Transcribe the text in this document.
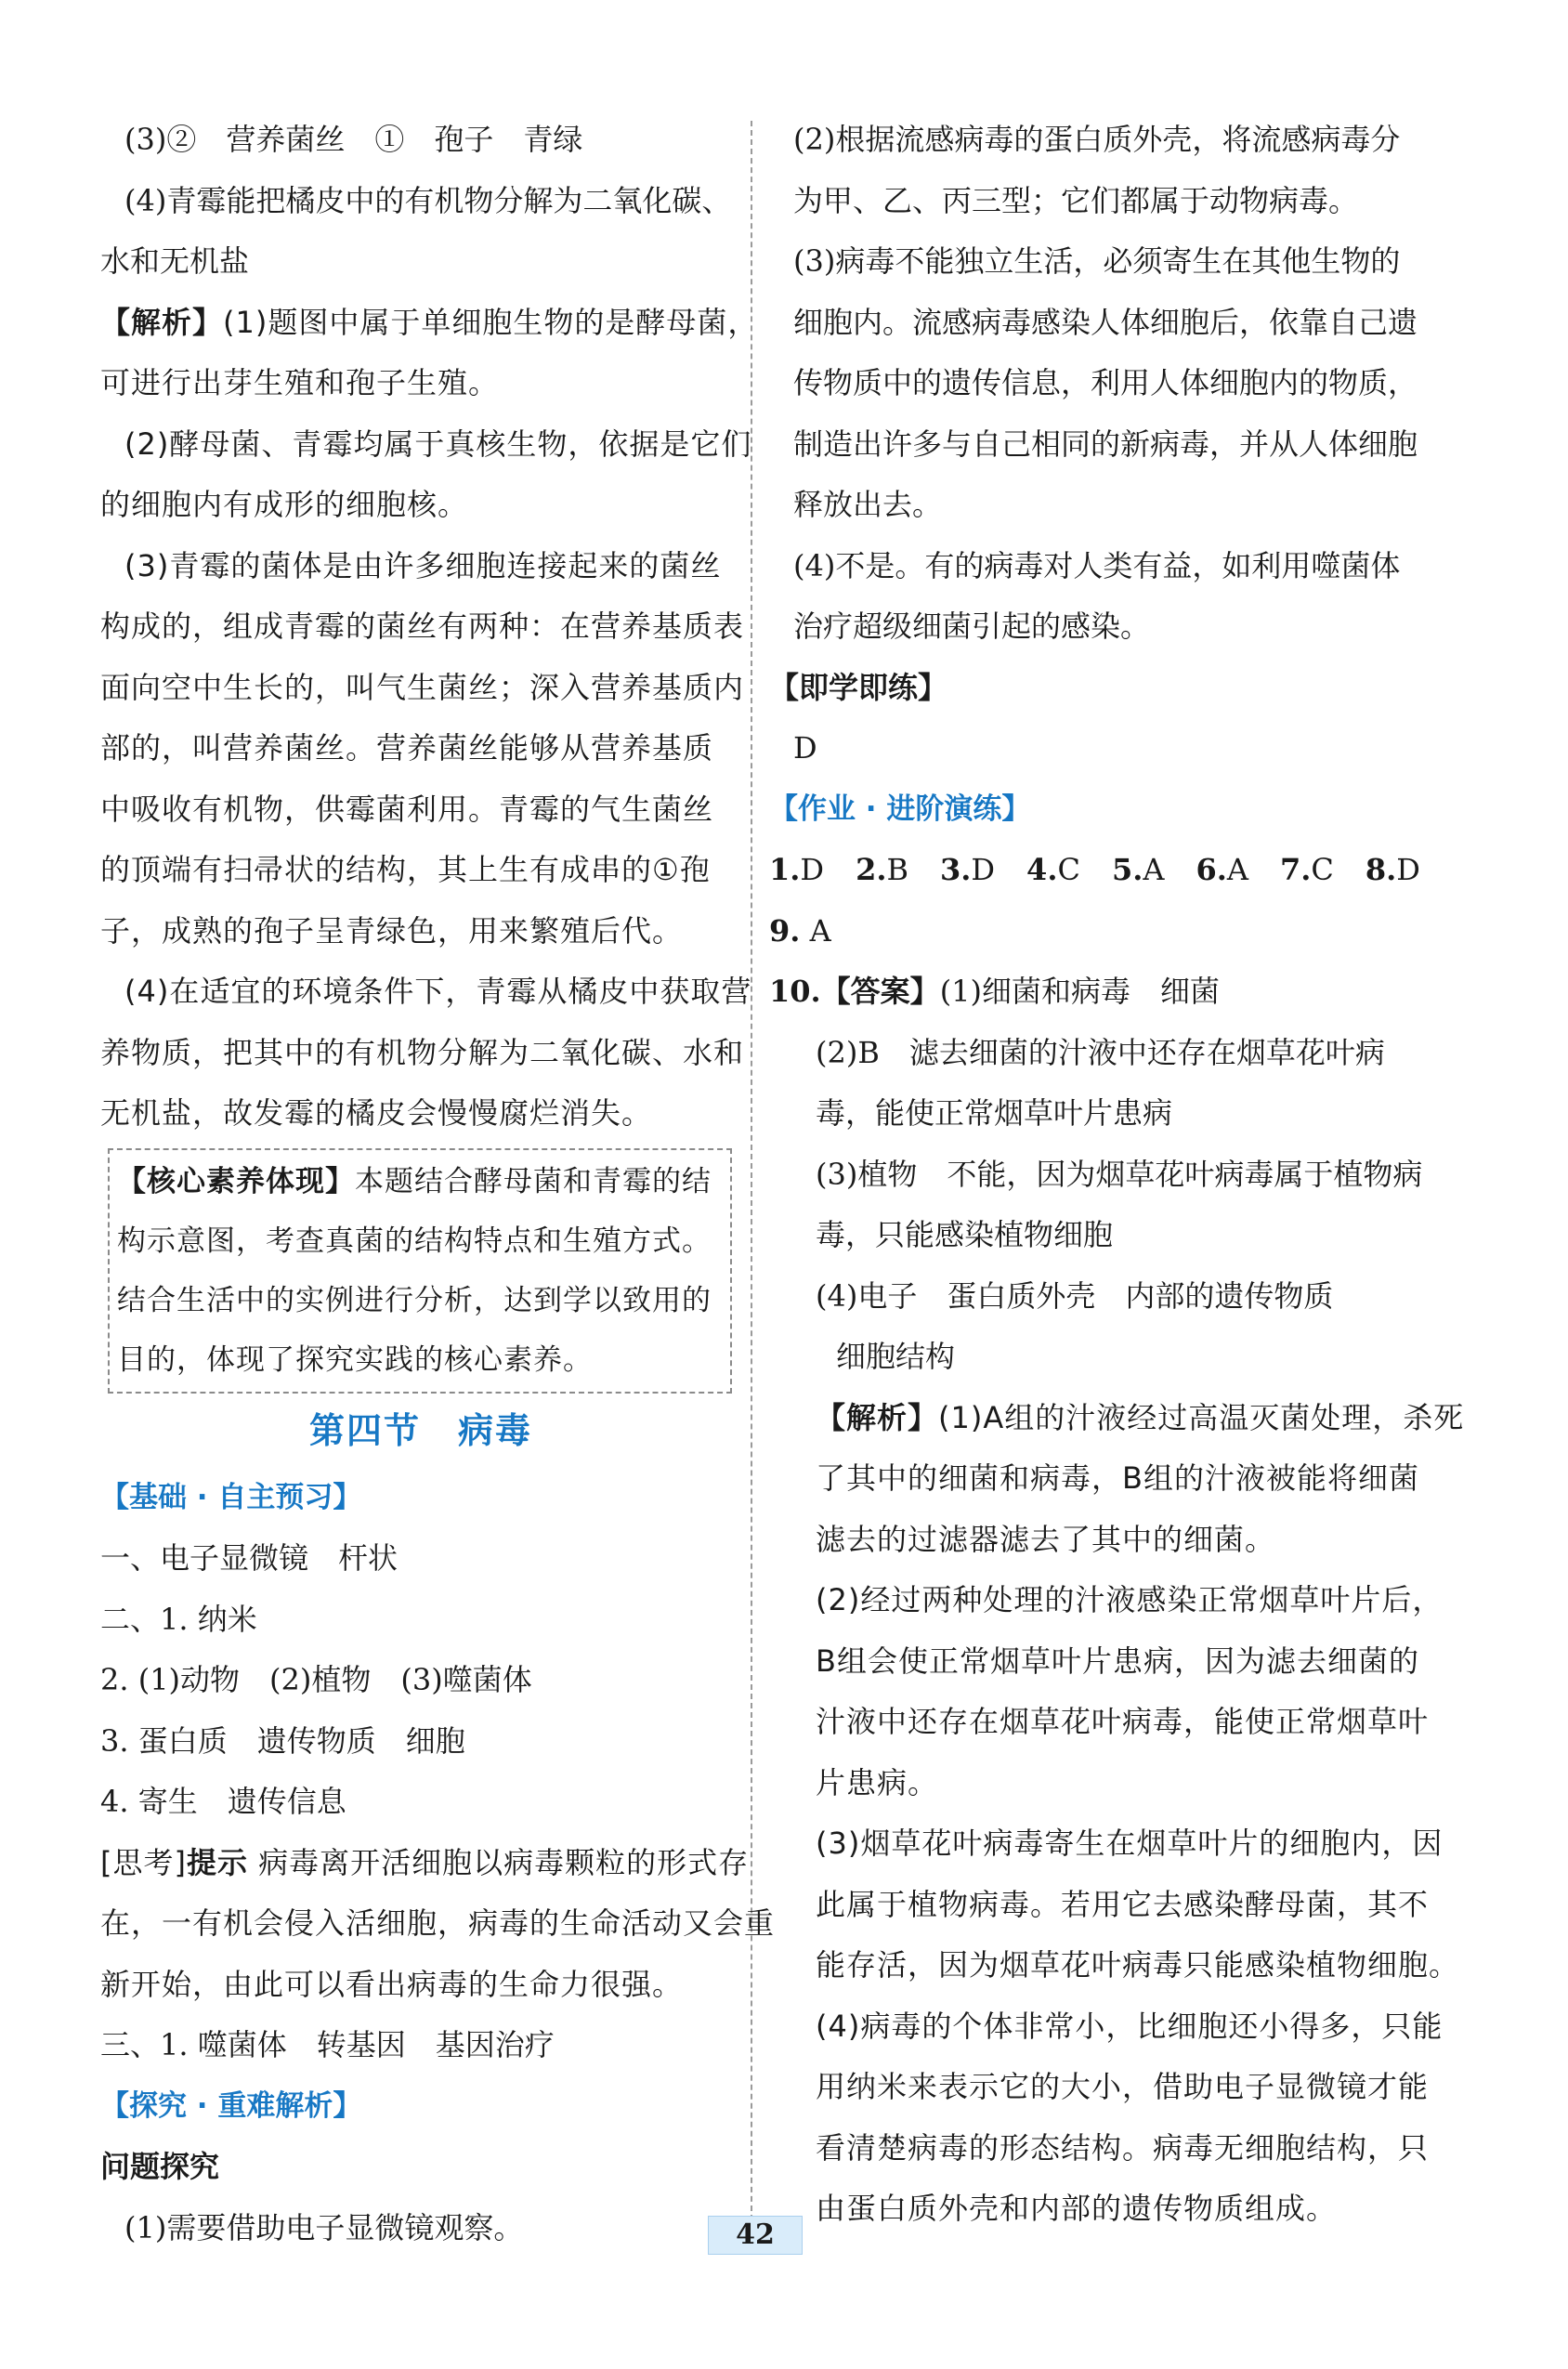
(3)②　营养菌丝　①　孢子　青绿
(4)青霉能把橘皮中的有机物分解为二氧化碳、
水和无机盐
【解析】(1)题图中属于单细胞生物的是酵母菌，
可进行出芽生殖和孢子生殖。
(2)酵母菌、青霉均属于真核生物，依据是它们
的细胞内有成形的细胞核。
(3)青霉的菌体是由许多细胞连接起来的菌丝
构成的，组成青霉的菌丝有两种：在营养基质表
面向空中生长的，叫气生菌丝；深入营养基质内
部的，叫营养菌丝。营养菌丝能够从营养基质
中吸收有机物，供霉菌利用。青霉的气生菌丝
的顶端有扫帚状的结构，其上生有成串的①孢
子，成熟的孢子呈青绿色，用来繁殖后代。
(4)在适宜的环境条件下，青霉从橘皮中获取营
养物质，把其中的有机物分解为二氧化碳、水和
无机盐，故发霉的橘皮会慢慢腐烂消失。
【核心素养体现】本题结合酵母菌和青霉的结
构示意图，考查真菌的结构特点和生殖方式。
结合生活中的实例进行分析，达到学以致用的
目的，体现了探究实践的核心素养。
第四节　病毒
【基础 · 自主预习】
一、电子显微镜　杆状
二、1. 纳米
2. (1)动物　(2)植物　(3)噬菌体
3. 蛋白质　遗传物质　细胞
4. 寄生　遗传信息
[思考]提示 病毒离开活细胞以病毒颗粒的形式存
在，一有机会侵入活细胞，病毒的生命活动又会重
新开始，由此可以看出病毒的生命力很强。
三、1. 噬菌体　转基因　基因治疗
【探究 · 重难解析】
问题探究
(1)需要借助电子显微镜观察。
(2)根据流感病毒的蛋白质外壳，将流感病毒分
为甲、乙、丙三型；它们都属于动物病毒。
(3)病毒不能独立生活，必须寄生在其他生物的
细胞内。流感病毒感染人体细胞后，依靠自己遗
传物质中的遗传信息，利用人体细胞内的物质，
制造出许多与自己相同的新病毒，并从人体细胞
释放出去。
(4)不是。有的病毒对人类有益，如利用噬菌体
治疗超级细菌引起的感染。
【即学即练】
D
【作业 · 进阶演练】
1.D 2.B 3.D 4.C 5.A 6.A 7.C 8.D
9. A
10.【答案】(1)细菌和病毒　细菌
(2)B　滤去细菌的汁液中还存在烟草花叶病
毒，能使正常烟草叶片患病
(3)植物　不能，因为烟草花叶病毒属于植物病
毒，只能感染植物细胞
(4)电子　蛋白质外壳　内部的遗传物质
细胞结构
【解析】(1)A组的汁液经过高温灭菌处理，杀死
了其中的细菌和病毒，B组的汁液被能将细菌
滤去的过滤器滤去了其中的细菌。
(2)经过两种处理的汁液感染正常烟草叶片后，
B组会使正常烟草叶片患病，因为滤去细菌的
汁液中还存在烟草花叶病毒，能使正常烟草叶
片患病。
(3)烟草花叶病毒寄生在烟草叶片的细胞内，因
此属于植物病毒。若用它去感染酵母菌，其不
能存活，因为烟草花叶病毒只能感染植物细胞。
(4)病毒的个体非常小，比细胞还小得多，只能
用纳米来表示它的大小，借助电子显微镜才能
看清楚病毒的形态结构。病毒无细胞结构，只
由蛋白质外壳和内部的遗传物质组成。
42
